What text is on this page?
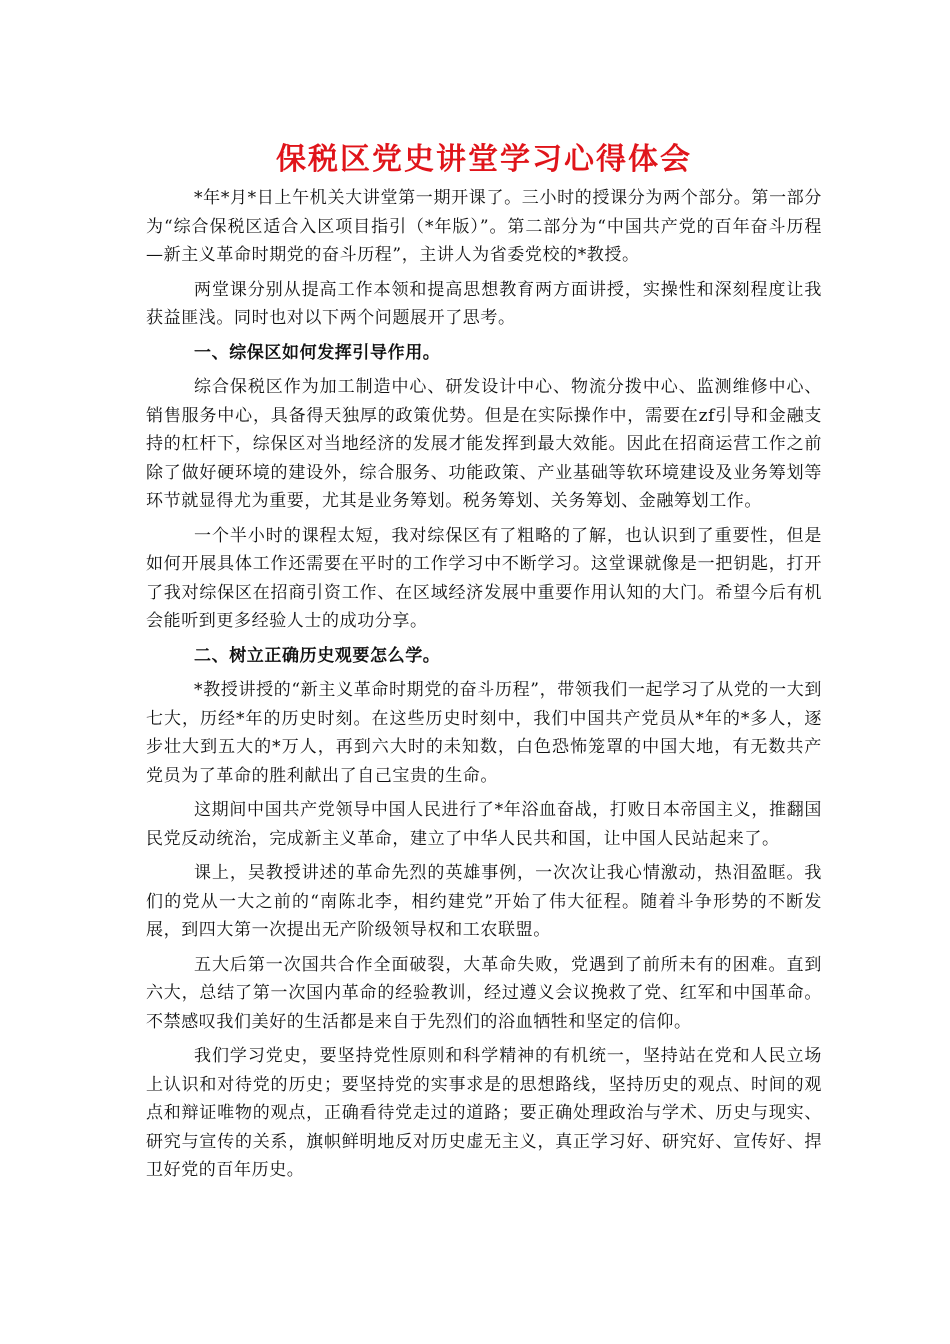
保税区党史讲堂学习心得体会

*年*月*日上午机关大讲堂第一期开课了。三小时的授课分为两个部分。第一部分为“综合保税区适合入区项目指引（*年版）”。第二部分为“中国共产党的百年奋斗历程—新主义革命时期党的奋斗历程”，主讲人为省委党校的*教授。

两堂课分别从提高工作本领和提高思想教育两方面讲授，实操性和深刻程度让我获益匪浅。同时也对以下两个问题展开了思考。

一、综保区如何发挥引导作用。

综合保税区作为加工制造中心、研发设计中心、物流分拨中心、监测维修中心、销售服务中心，具备得天独厚的政策优势。但是在实际操作中，需要在zf引导和金融支持的杠杆下，综保区对当地经济的发展才能发挥到最大效能。因此在招商运营工作之前除了做好硬环境的建设外，综合服务、功能政策、产业基础等软环境建设及业务筹划等环节就显得尤为重要，尤其是业务筹划。税务筹划、关务筹划、金融筹划工作。

一个半小时的课程太短，我对综保区有了粗略的了解，也认识到了重要性，但是如何开展具体工作还需要在平时的工作学习中不断学习。这堂课就像是一把钥匙，打开了我对综保区在招商引资工作、在区域经济发展中重要作用认知的大门。希望今后有机会能听到更多经验人士的成功分享。

二、树立正确历史观要怎么学。

*教授讲授的“新主义革命时期党的奋斗历程”，带领我们一起学习了从党的一大到七大，历经*年的历史时刻。在这些历史时刻中，我们中国共产党员从*年的*多人，逐步壮大到五大的*万人，再到六大时的未知数，白色恐怖笼罩的中国大地，有无数共产党员为了革命的胜利献出了自己宝贵的生命。

这期间中国共产党领导中国人民进行了*年浴血奋战，打败日本帝国主义，推翻国民党反动统治，完成新主义革命，建立了中华人民共和国，让中国人民站起来了。

课上，吴教授讲述的革命先烈的英雄事例，一次次让我心情激动，热泪盈眶。我们的党从一大之前的“南陈北李，相约建党”开始了伟大征程。随着斗争形势的不断发展，到四大第一次提出无产阶级领导权和工农联盟。

五大后第一次国共合作全面破裂，大革命失败，党遇到了前所未有的困难。直到六大，总结了第一次国内革命的经验教训，经过遵义会议挽救了党、红军和中国革命。不禁感叹我们美好的生活都是来自于先烈们的浴血牺牲和坚定的信仰。

我们学习党史，要坚持党性原则和科学精神的有机统一，坚持站在党和人民立场上认识和对待党的历史；要坚持党的实事求是的思想路线，坚持历史的观点、时间的观点和辩证唯物的观点，正确看待党走过的道路；要正确处理政治与学术、历史与现实、研究与宣传的关系，旗帜鲜明地反对历史虚无主义，真正学习好、研究好、宣传好、捍卫好党的百年历史。
